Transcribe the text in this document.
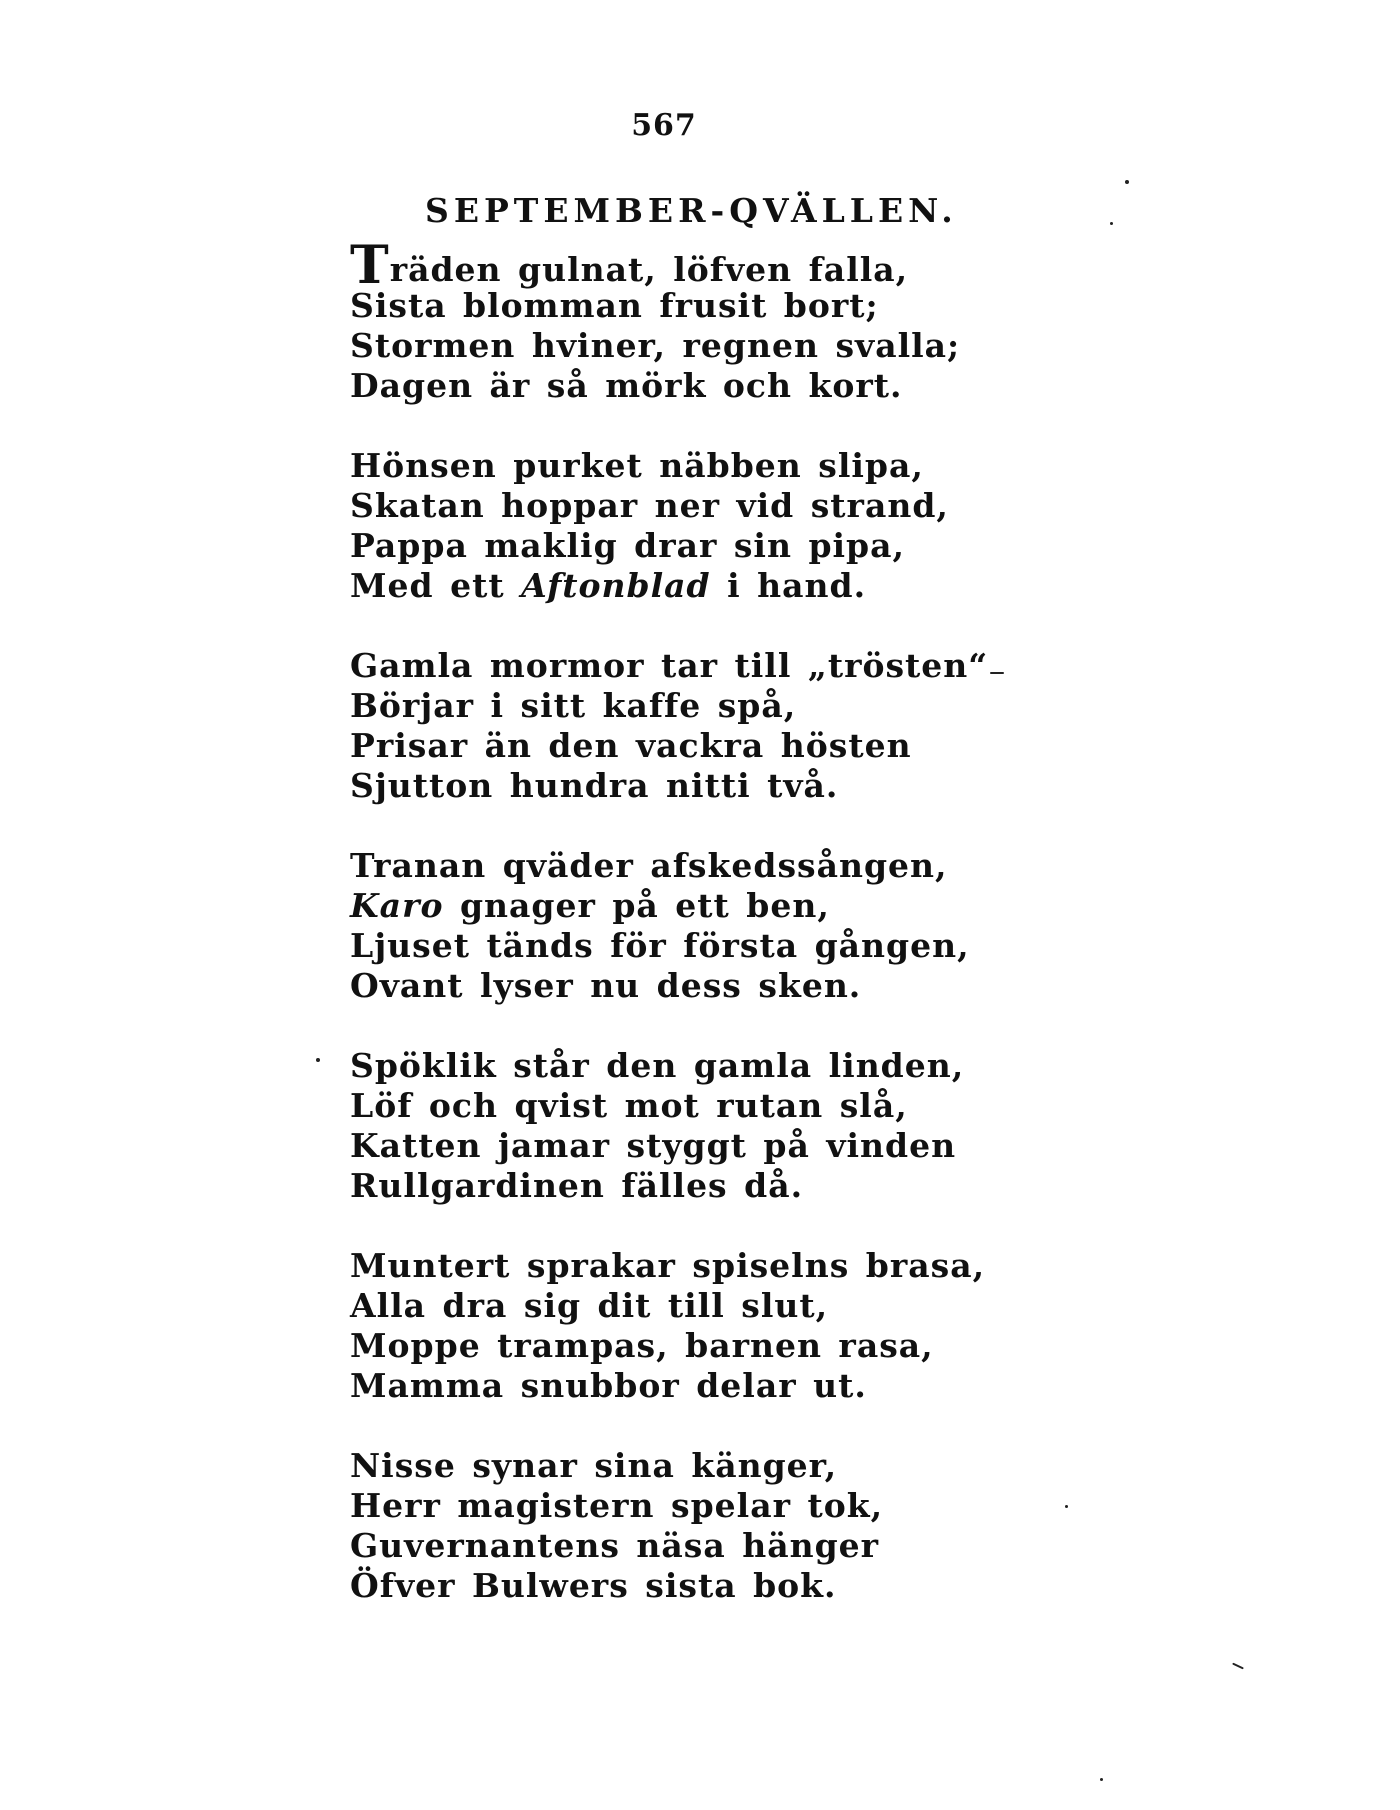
567
SEPTEMBER-QVÄLLEN.
Träden gulnat, löfven falla,
Sista blomman frusit bort;
Stormen hviner, regnen svalla;
Dagen är så mörk och kort.
Hönsen purket näbben slipa,
Skatan hoppar ner vid strand,
Pappa maklig drar sin pipa,
Med ett Aftonblad i hand.
Gamla mormor tar till „trösten“
Börjar i sitt kaffe spå,
Prisar än den vackra hösten
Sjutton hundra nitti två.
Tranan qväder afskedssången,
Karo gnager på ett ben,
Ljuset tänds för första gången,
Ovant lyser nu dess sken.
Spöklik står den gamla linden,
Löf och qvist mot rutan slå,
Katten jamar styggt på vinden
Rullgardinen fälles då.
Muntert sprakar spiselns brasa,
Alla dra sig dit till slut,
Moppe trampas, barnen rasa,
Mamma snubbor delar ut.
Nisse synar sina känger,
Herr magistern spelar tok,
Guvernantens näsa hänger
Öfver Bulwers sista bok.
